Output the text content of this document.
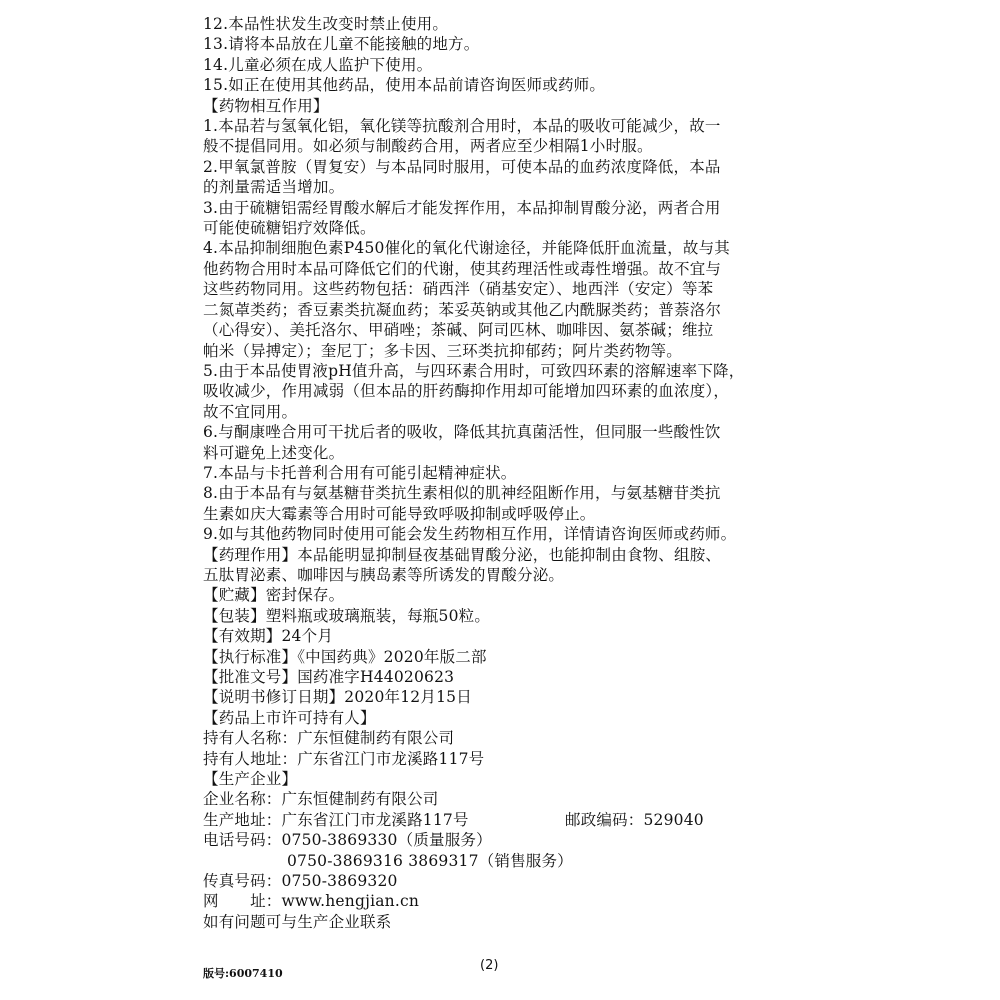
12.本品性状发生改变时禁止使用。
13.请将本品放在儿童不能接触的地方。
14.儿童必须在成人监护下使用。
15.如正在使用其他药品，使用本品前请咨询医师或药师。
【药物相互作用】
1.本品若与氢氧化铝，氧化镁等抗酸剂合用时，本品的吸收可能减少，故一
般不提倡同用。如必须与制酸药合用，两者应至少相隔1小时服。
2.甲氧氯普胺（胃复安）与本品同时服用，可使本品的血药浓度降低，本品
的剂量需适当增加。
3.由于硫糖铝需经胃酸水解后才能发挥作用，本品抑制胃酸分泌，两者合用
可能使硫糖铝疗效降低。
4.本品抑制细胞色素P450催化的氧化代谢途径，并能降低肝血流量，故与其
他药物合用时本品可降低它们的代谢，使其药理活性或毒性增强。故不宜与
这些药物同用。这些药物包括：硝西泮（硝基安定）、地西泮（安定）等苯
二氮䓬类药；香豆素类抗凝血药；苯妥英钠或其他乙内酰脲类药；普萘洛尔
（心得安）、美托洛尔、甲硝唑；茶碱、阿司匹林、咖啡因、氨茶碱；维拉
帕米（异搏定）；奎尼丁；多卡因、三环类抗抑郁药；阿片类药物等。
5.由于本品使胃液pH值升高，与四环素合用时，可致四环素的溶解速率下降，
吸收减少，作用减弱（但本品的肝药酶抑作用却可能增加四环素的血浓度），
故不宜同用。
6.与酮康唑合用可干扰后者的吸收，降低其抗真菌活性，但同服一些酸性饮
料可避免上述变化。
7.本品与卡托普利合用有可能引起精神症状。
8.由于本品有与氨基糖苷类抗生素相似的肌神经阻断作用，与氨基糖苷类抗
生素如庆大霉素等合用时可能导致呼吸抑制或呼吸停止。
9.如与其他药物同时使用可能会发生药物相互作用，详情请咨询医师或药师。
【药理作用】本品能明显抑制昼夜基础胃酸分泌，也能抑制由食物、组胺、
五肽胃泌素、咖啡因与胰岛素等所诱发的胃酸分泌。
【贮藏】密封保存。
【包装】塑料瓶或玻璃瓶装，每瓶50粒。
【有效期】24个月
【执行标准】《中国药典》2020年版二部
【批准文号】国药准字H44020623
【说明书修订日期】2020年12月15日
【药品上市许可持有人】
持有人名称：广东恒健制药有限公司
持有人地址：广东省江门市龙溪路117号
【生产企业】
企业名称：广东恒健制药有限公司
生产地址：广东省江门市龙溪路117号	邮政编码：529040
电话号码：0750-3869330（质量服务）
0750-3869316 3869317（销售服务）
传真号码：0750-3869320
网　　址： www.hengjian.cn
如有问题可与生产企业联系
版号:6007410
(2)
